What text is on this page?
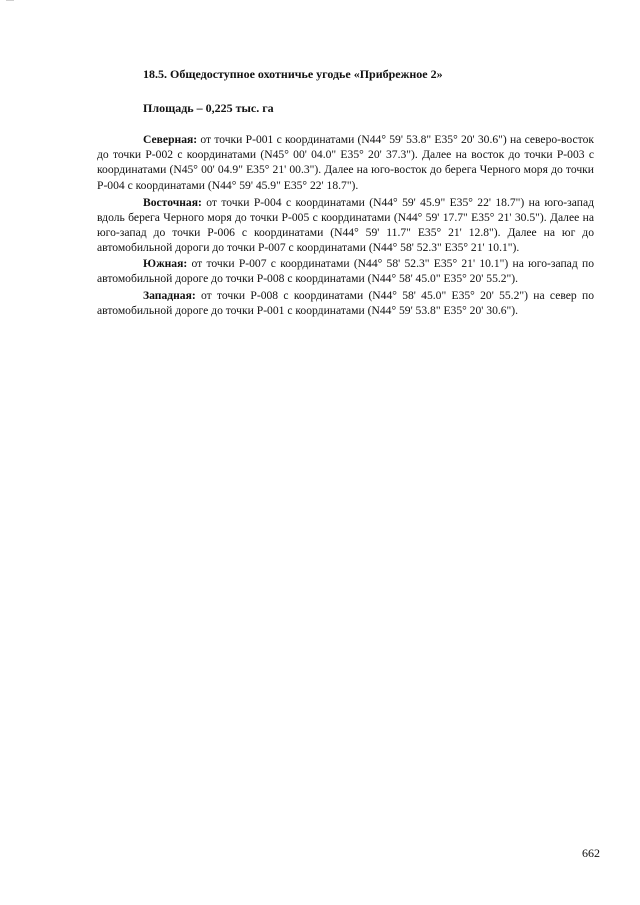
18.5. Общедоступное охотничье угодье «Прибрежное 2»

Площадь – 0,225 тыс. га

Северная: от точки Р-001 с координатами (N44° 59' 53.8" E35° 20' 30.6") на северо-восток до точки Р-002 с координатами (N45° 00' 04.0" E35° 20' 37.3"). Далее на восток до точки Р-003 с координатами (N45° 00' 04.9" E35° 21' 00.3"). Далее на юго-восток до берега Черного моря до точки Р-004 с координатами (N44° 59' 45.9" E35° 22' 18.7").

Восточная: от точки Р-004 с координатами (N44° 59' 45.9" E35° 22' 18.7") на юго-запад вдоль берега Черного моря до точки Р-005 с координатами (N44° 59' 17.7" E35° 21' 30.5"). Далее на юго-запад до точки Р-006 с координатами (N44° 59' 11.7" E35° 21' 12.8"). Далее на юг до автомобильной дороги до точки Р-007 с координатами (N44° 58' 52.3" E35° 21' 10.1").

Южная: от точки Р-007 с координатами (N44° 58' 52.3" E35° 21' 10.1") на юго-запад по автомобильной дороге до точки Р-008 с координатами (N44° 58' 45.0" E35° 20' 55.2").

Западная: от точки Р-008 с координатами (N44° 58' 45.0" E35° 20' 55.2") на север по автомобильной дороге до точки Р-001 с координатами (N44° 59' 53.8" E35° 20' 30.6").

662
